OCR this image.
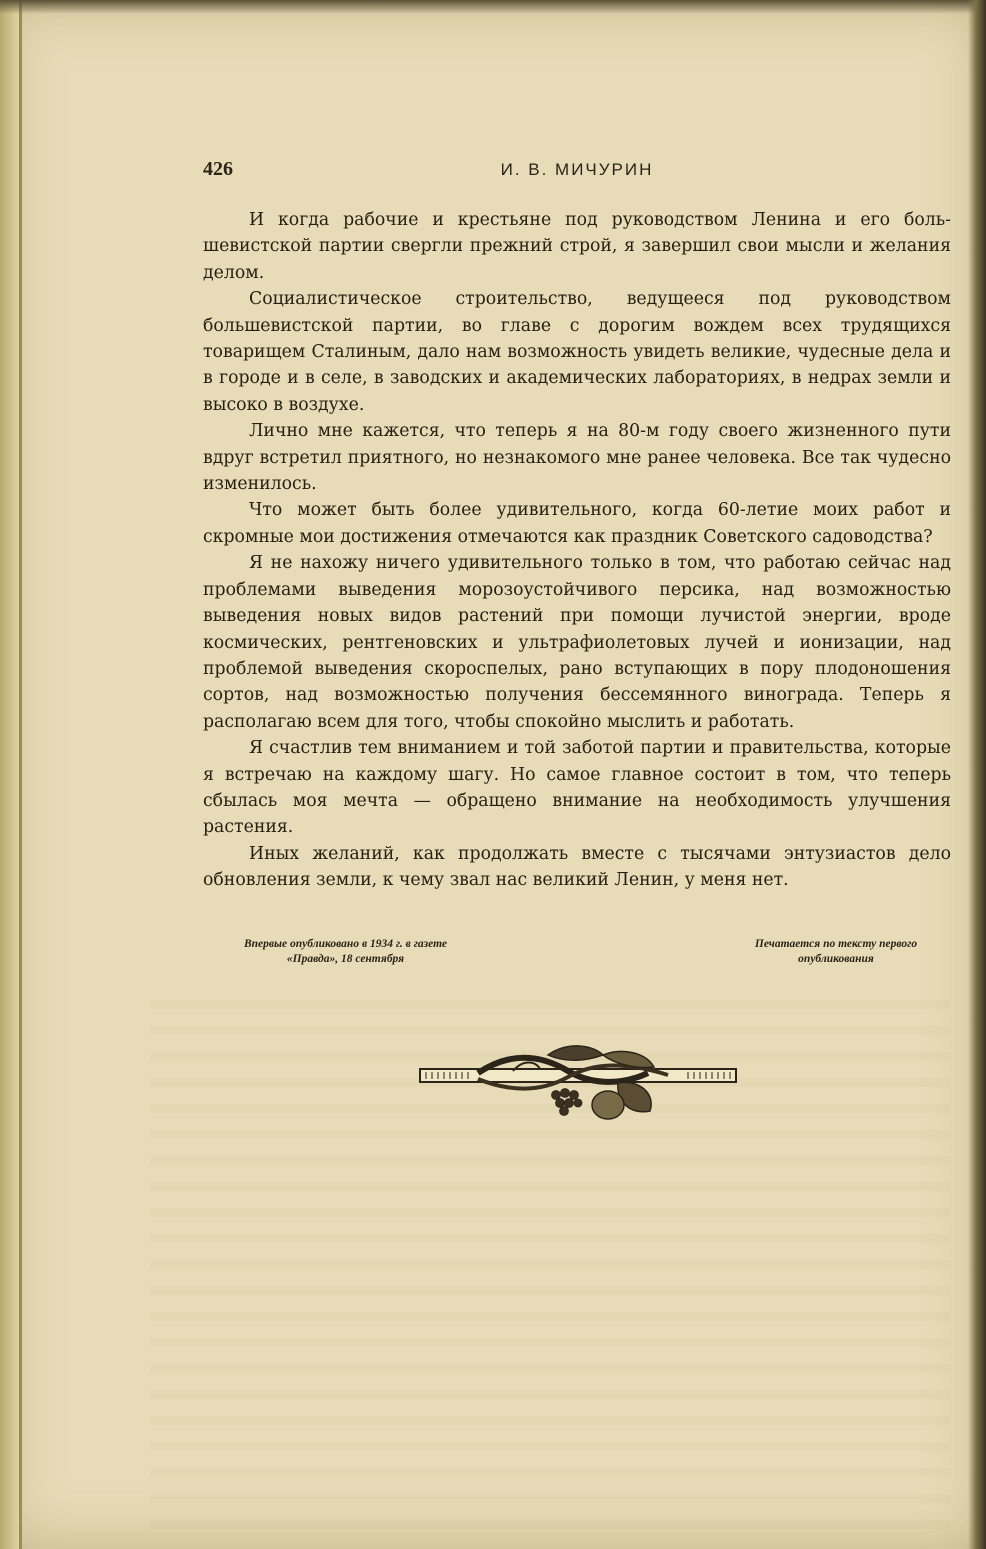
426	И. В. МИЧУРИН

И когда рабочие и крестьяне под руководством Ленина и его большевистской партии свергли прежний строй, я завершил свои мысли и желания делом.

Социалистическое строительство, ведущееся под руководством большевистской партии, во главе с дорогим вождем всех трудящихся товарищем Сталиным, дало нам возможность увидеть великие, чудесные дела и в городе и в селе, в заводских и академических лабораториях, в недрах земли и высоко в воздухе.

Лично мне кажется, что теперь я на 80-м году своего жизненного пути вдруг встретил приятного, но незнакомого мне ранее человека. Все так чудесно изменилось.

Что может быть более удивительного, когда 60-летие моих работ и скромные мои достижения отмечаются как праздник Советского садоводства?

Я не нахожу ничего удивительного только в том, что работаю сейчас над проблемами выведения морозоустойчивого персика, над возможностью выведения новых видов растений при помощи лучистой энергии, вроде космических, рентгеновских и ультрафиолетовых лучей и ионизации, над проблемой выведения скороспелых, рано вступающих в пору плодоношения сортов, над возможностью получения бессемянного винограда. Теперь я располагаю всем для того, чтобы спокойно мыслить и работать.

Я счастлив тем вниманием и той заботой партии и правительства, которые я встречаю на каждому шагу. Но самое главное состоит в том, что теперь сбылась моя мечта — обращено внимание на необходимость улучшения растения.

Иных желаний, как продолжать вместе с тысячами энтузиастов дело обновления земли, к чему звал нас великий Ленин, у меня нет.

Впервые опубликовано в 1934 г. в газете
«Правда», 18 сентября
Печатается по тексту первого
опубликования
